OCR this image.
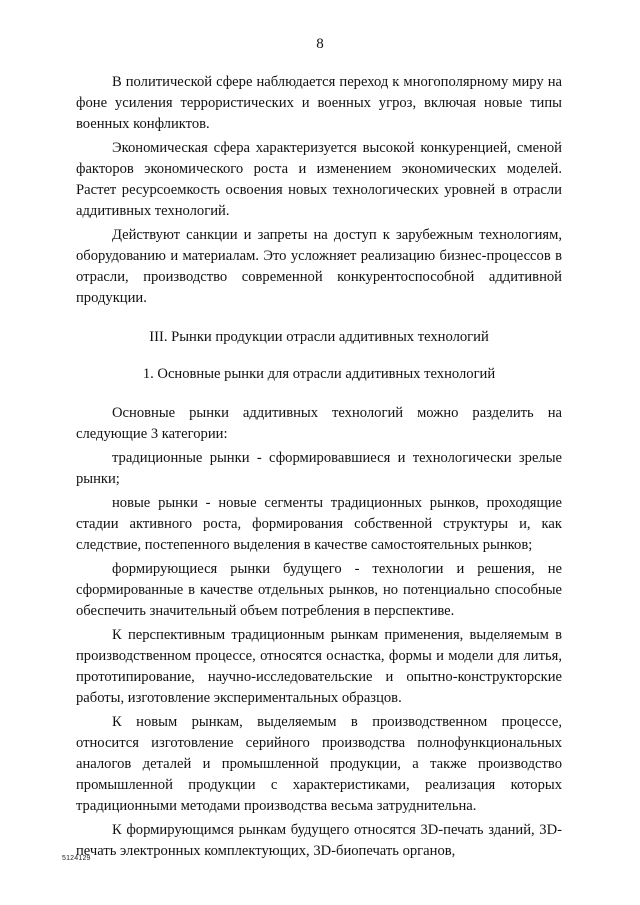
8

В политической сфере наблюдается переход к многополярному миру на фоне усиления террористических и военных угроз, включая новые типы военных конфликтов.

Экономическая сфера характеризуется высокой конкуренцией, сменой факторов экономического роста и изменением экономических моделей. Растет ресурсоемкость освоения новых технологических уровней в отрасли аддитивных технологий.

Действуют санкции и запреты на доступ к зарубежным технологиям, оборудованию и материалам. Это усложняет реализацию бизнес-процессов в отрасли, производство современной конкурентоспособной аддитивной продукции.

III. Рынки продукции отрасли аддитивных технологий

1. Основные рынки для отрасли аддитивных технологий

Основные рынки аддитивных технологий можно разделить на следующие 3 категории:

традиционные рынки - сформировавшиеся и технологически зрелые рынки;

новые рынки - новые сегменты традиционных рынков, проходящие стадии активного роста, формирования собственной структуры и, как следствие, постепенного выделения в качестве самостоятельных рынков;

формирующиеся рынки будущего - технологии и решения, не сформированные в качестве отдельных рынков, но потенциально способные обеспечить значительный объем потребления в перспективе.

К перспективным традиционным рынкам применения, выделяемым в производственном процессе, относятся оснастка, формы и модели для литья, прототипирование, научно-исследовательские и опытно-конструкторские работы, изготовление экспериментальных образцов.

К новым рынкам, выделяемым в производственном процессе, относится изготовление серийного производства полнофункциональных аналогов деталей и промышленной продукции, а также производство промышленной продукции с характеристиками, реализация которых традиционными методами производства весьма затруднительна.

К формирующимся рынкам будущего относятся 3D-печать зданий, 3D-печать электронных комплектующих, 3D-биопечать органов,

5124129
